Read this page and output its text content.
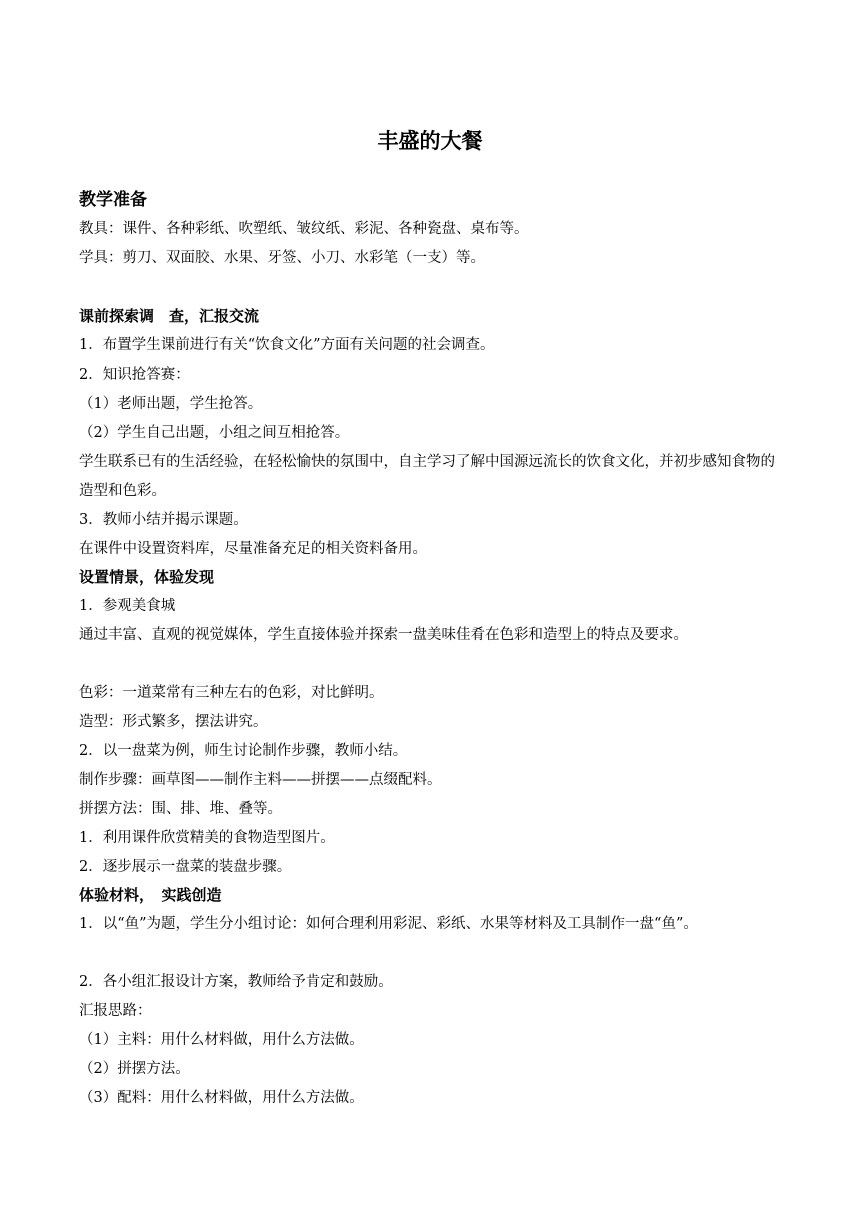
丰盛的大餐
教学准备
教具：课件、各种彩纸、吹塑纸、皱纹纸、彩泥、各种瓷盘、桌布等。
学具：剪刀、双面胶、水果、牙签、小刀、水彩笔（一支）等。
课前探索调　查，汇报交流
1．布置学生课前进行有关“饮食文化”方面有关问题的社会调查。
2．知识抢答赛：
（1）老师出题，学生抢答。
（2）学生自己出题，小组之间互相抢答。
学生联系已有的生活经验，在轻松愉快的氛围中，自主学习了解中国源远流长的饮食文化，并初步感知食物的造型和色彩。
3．教师小结并揭示课题。
在课件中设置资料库，尽量准备充足的相关资料备用。
设置情景，体验发现
1．参观美食城
通过丰富、直观的视觉媒体，学生直接体验并探索一盘美味佳肴在色彩和造型上的特点及要求。
色彩：一道菜常有三种左右的色彩，对比鲜明。
造型：形式繁多，摆法讲究。
2．以一盘菜为例，师生讨论制作步骤，教师小结。
制作步骤：画草图——制作主料——拼摆——点缀配料。
拼摆方法：围、排、堆、叠等。
1．利用课件欣赏精美的食物造型图片。
2．逐步展示一盘菜的装盘步骤。
体验材料，　实践创造
1．以“鱼”为题，学生分小组讨论：如何合理利用彩泥、彩纸、水果等材料及工具制作一盘“鱼”。
2．各小组汇报设计方案，教师给予肯定和鼓励。
汇报思路：
（1）主料：用什么材料做，用什么方法做。
（2）拼摆方法。
（3）配料：用什么材料做，用什么方法做。
